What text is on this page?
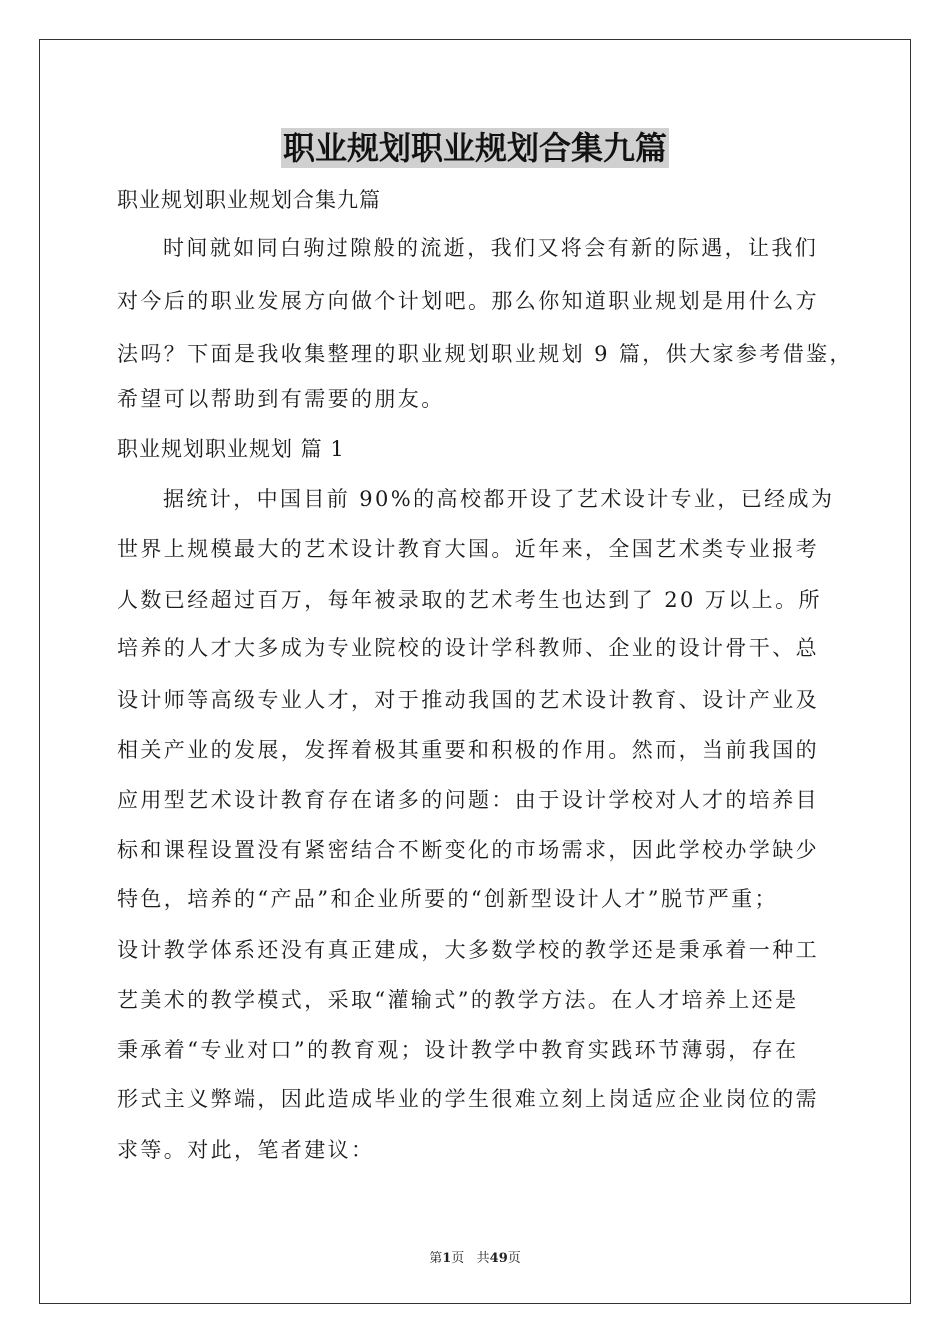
职业规划职业规划合集九篇
职业规划职业规划合集九篇
时间就如同白驹过隙般的流逝，我们又将会有新的际遇，让我们
对今后的职业发展方向做个计划吧。那么你知道职业规划是用什么方
法吗？下面是我收集整理的职业规划职业规划 9 篇，供大家参考借鉴，
希望可以帮助到有需要的朋友。
职业规划职业规划 篇 1
据统计，中国目前 90%的高校都开设了艺术设计专业，已经成为
世界上规模最大的艺术设计教育大国。近年来，全国艺术类专业报考
人数已经超过百万，每年被录取的艺术考生也达到了 20 万以上。所
培养的人才大多成为专业院校的设计学科教师、企业的设计骨干、总
设计师等高级专业人才，对于推动我国的艺术设计教育、设计产业及
相关产业的发展，发挥着极其重要和积极的作用。然而，当前我国的
应用型艺术设计教育存在诸多的问题：由于设计学校对人才的培养目
标和课程设置没有紧密结合不断变化的市场需求，因此学校办学缺少
特色，培养的“产品”和企业所要的“创新型设计人才”脱节严重；
设计教学体系还没有真正建成，大多数学校的教学还是秉承着一种工
艺美术的教学模式，采取“灌输式”的教学方法。在人才培养上还是
秉承着“专业对口”的教育观；设计教学中教育实践环节薄弱，存在
形式主义弊端，因此造成毕业的学生很难立刻上岗适应企业岗位的需
求等。对此，笔者建议：
第1页   共49页
